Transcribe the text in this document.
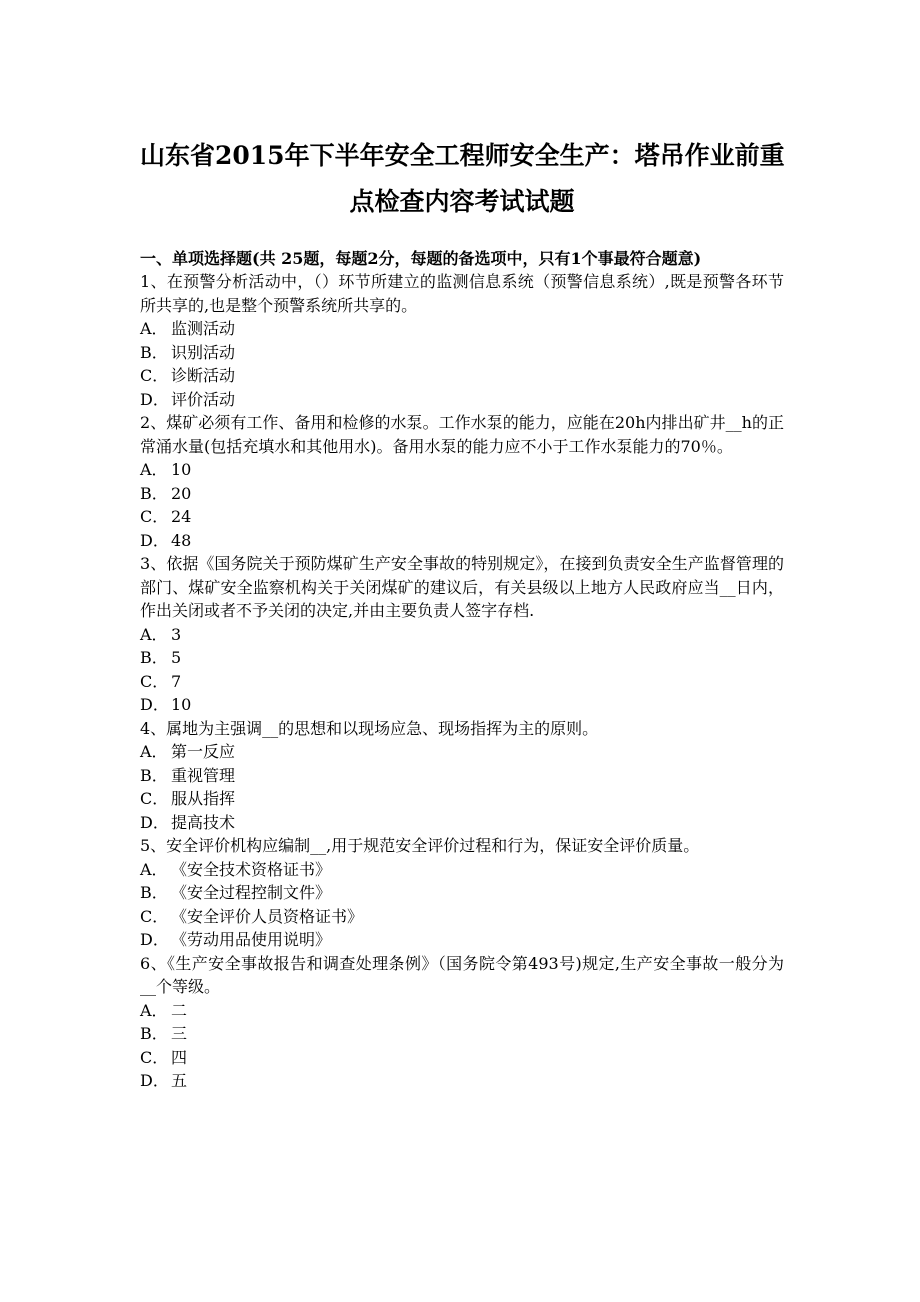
山东省2015年下半年安全工程师安全生产：塔吊作业前重
点检查内容考试试题
一、单项选择题(共 25题，每题2分，每题的备选项中，只有1个事最符合题意)
1、在预警分析活动中，（）环节所建立的监测信息系统（预警信息系统）,既是预警各环节所共享的,也是整个预警系统所共享的。
A． 监测活动
B． 识别活动
C． 诊断活动
D． 评价活动
2、煤矿必须有工作、备用和检修的水泵。工作水泵的能力，应能在20h内排出矿井__h的正常涌水量(包括充填水和其他用水)。备用水泵的能力应不小于工作水泵能力的70％。
A． 10
B． 20
C． 24
D． 48
3、依据《国务院关于预防煤矿生产安全事故的特别规定》，在接到负责安全生产监督管理的部门、煤矿安全监察机构关于关闭煤矿的建议后，有关县级以上地方人民政府应当__日内，作出关闭或者不予关闭的决定,并由主要负责人签字存档.
A． 3
B． 5
C． 7
D． 10
4、属地为主强调__的思想和以现场应急、现场指挥为主的原则。
A． 第一反应
B． 重视管理
C． 服从指挥
D． 提高技术
5、安全评价机构应编制__,用于规范安全评价过程和行为，保证安全评价质量。
A． 《安全技术资格证书》
B． 《安全过程控制文件》
C． 《安全评价人员资格证书》
D． 《劳动用品使用说明》
6、《生产安全事故报告和调查处理条例》（国务院令第493号)规定,生产安全事故一般分为__个等级。
A． 二
B． 三
C． 四
D． 五
